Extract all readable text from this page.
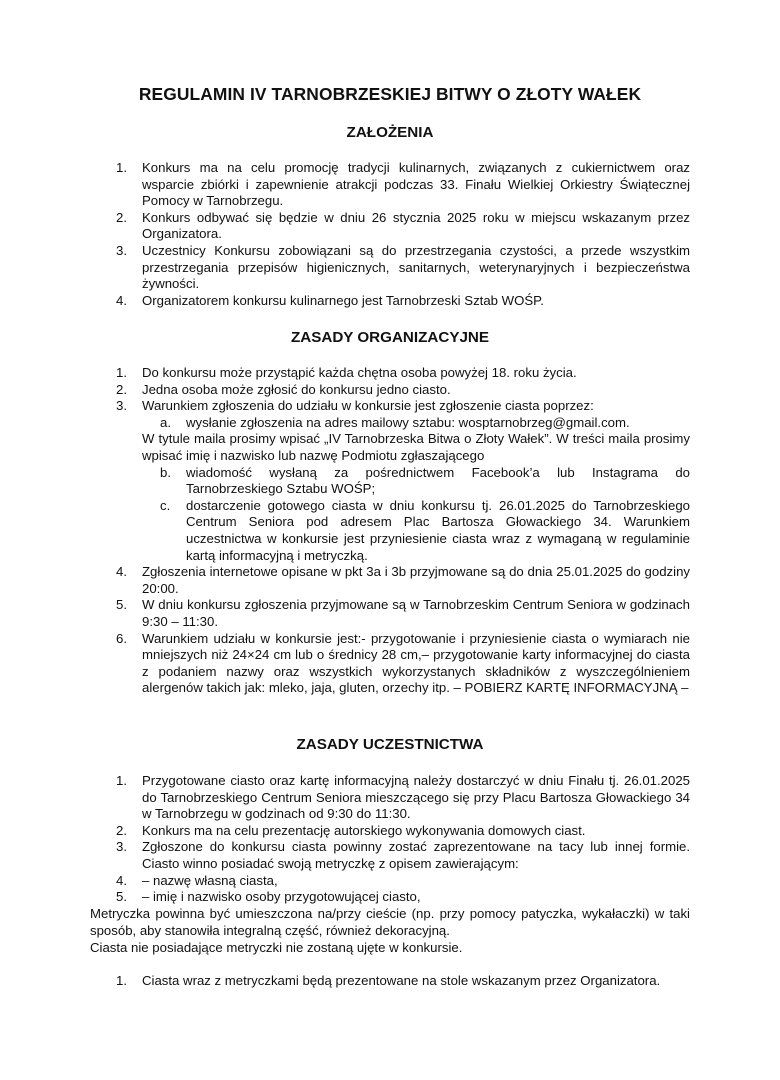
REGULAMIN IV TARNOBRZESKIEJ BITWY O ZŁOTY WAŁEK
ZAŁOŻENIA
1. Konkurs ma na celu promocję tradycji kulinarnych, związanych z cukiernictwem oraz wsparcie zbiórki i zapewnienie atrakcji podczas 33. Finału Wielkiej Orkiestry Świątecznej Pomocy w Tarnobrzegu.
2. Konkurs odbywać się będzie w dniu 26 stycznia 2025 roku w miejscu wskazanym przez Organizatora.
3. Uczestnicy Konkursu zobowiązani są do przestrzegania czystości, a przede wszystkim przestrzegania przepisów higienicznych, sanitarnych, weterynaryjnych i bezpieczeństwa żywności.
4. Organizatorem konkursu kulinarnego jest Tarnobrzeski Sztab WOŚP.
ZASADY ORGANIZACYJNE
1. Do konkursu może przystąpić każda chętna osoba powyżej 18. roku życia.
2. Jedna osoba może zgłosić do konkursu jedno ciasto.
3. Warunkiem zgłoszenia do udziału w konkursie jest zgłoszenie ciasta poprzez:
a. wysłanie zgłoszenia na adres mailowy sztabu: wosptarnobrzeg@gmail.com.
W tytule maila prosimy wpisać „IV Tarnobrzeska Bitwa o Złoty Wałek”. W treści maila prosimy wpisać imię i nazwisko lub nazwę Podmiotu zgłaszającego
b. wiadomość wysłaną za pośrednictwem Facebook’a lub Instagrama do Tarnobrzeskiego Sztabu WOŚP;
c. dostarczenie gotowego ciasta w dniu konkursu tj. 26.01.2025 do Tarnobrzeskiego Centrum Seniora pod adresem Plac Bartosza Głowackiego 34. Warunkiem uczestnictwa w konkursie jest przyniesienie ciasta wraz z wymaganą w regulaminie kartą informacyjną i metryczką.
4. Zgłoszenia internetowe opisane w pkt 3a i 3b przyjmowane są do dnia 25.01.2025 do godziny 20:00.
5. W dniu konkursu zgłoszenia przyjmowane są w Tarnobrzeskim Centrum Seniora w godzinach 9:30 – 11:30.
6. Warunkiem udziału w konkursie jest:- przygotowanie i przyniesienie ciasta o wymiarach nie mniejszych niż 24×24 cm lub o średnicy 28 cm,– przygotowanie karty informacyjnej do ciasta z podaniem nazwy oraz wszystkich wykorzystanych składników z wyszczególnieniem alergenów takich jak: mleko, jaja, gluten, orzechy itp. – POBIERZ KARTĘ INFORMACYJNĄ –
ZASADY UCZESTNICTWA
1. Przygotowane ciasto oraz kartę informacyjną należy dostarczyć w dniu Finału tj. 26.01.2025 do Tarnobrzeskiego Centrum Seniora mieszczącego się przy Placu Bartosza Głowackiego 34 w Tarnobrzegu w godzinach od 9:30 do 11:30.
2. Konkurs ma na celu prezentację autorskiego wykonywania domowych ciast.
3. Zgłoszone do konkursu ciasta powinny zostać zaprezentowane na tacy lub innej formie. Ciasto winno posiadać swoją metryczkę z opisem zawierającym:
4. – nazwę własną ciasta,
5. – imię i nazwisko osoby przygotowującej ciasto,

Metryczka powinna być umieszczona na/przy cieście (np. przy pomocy patyczka, wykałaczki) w taki sposób, aby stanowiła integralną część, również dekoracyjną.

Ciasta nie posiadające metryczki nie zostaną ujęte w konkursie.

1. Ciasta wraz z metryczkami będą prezentowane na stole wskazanym przez Organizatora.
